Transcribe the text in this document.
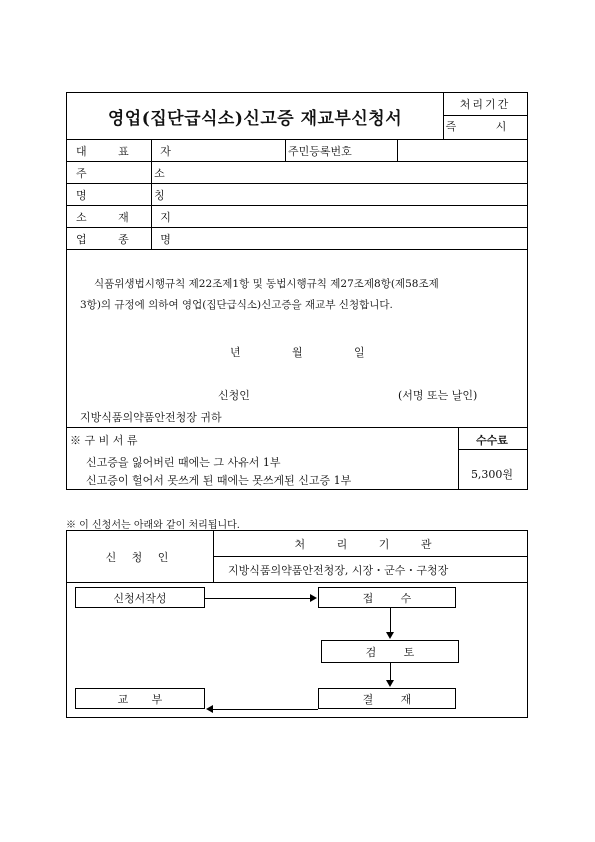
영업(집단급식소)신고증 재교부신청서
처리기간
즉 시
대 표 자	주민등록번호
주 소
명 칭
소 재 지
업 종 명
식품위생법시행규칙 제22조제1항 및 동법시행규칙 제27조제8항(제58조제
3항)의 규정에 의하여 영업(집단급식소)신고증을 재교부 신청합니다.
년	월	일
신청인	(서명 또는 날인)
지방식품의약품안전청장 귀하
※ 구 비 서 류
신고증을 잃어버린 때에는 그 사유서 1부
신고증이 헐어서 못쓰게 된 때에는 못쓰게된 신고증 1부
수수료
5,300원
※ 이 신청서는 아래와 같이 처리됩니다.
신 청 인
처 리 기 관
지방식품의약품안전청장, 시장・군수・구청장
신청서작성	접 수
검 토
결 재
교 부
